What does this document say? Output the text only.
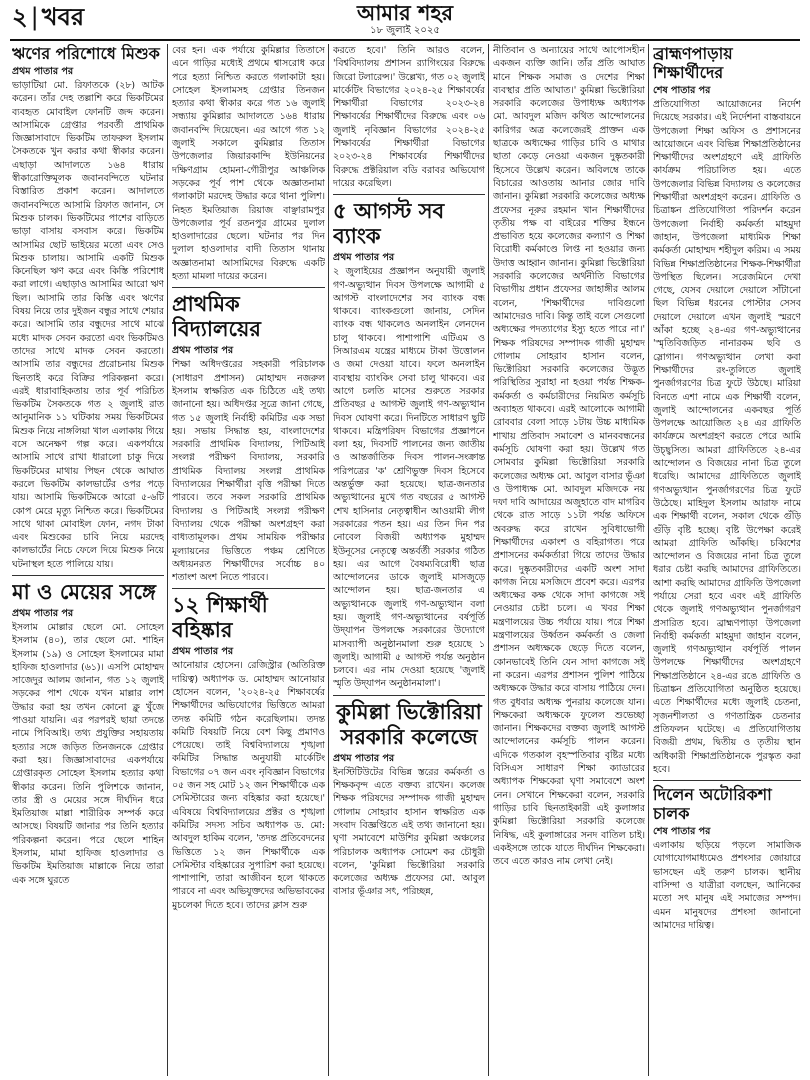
২ | খবর	আমার শহর
১৮ জুলাই ২০২৫
ঋণের পরিশোধে মিশুক
প্রথম পাতার পর

ভাড়াটিয়া মো. রিফাতকে (২৮) আটক করেন। তাঁর দেহ তল্লাশি করে ভিকটিমের ব্যবহৃত মোবাইল ফোনটি জব্দ করেন। আসামিকে গ্রেপ্তার পরবর্তী প্রাথমিক জিজ্ঞাসাবাদে ভিকটিম তাফরুল ইসলাম সৈকতকে খুন করার কথা স্বীকার করেন। এছাড়া আদালতে ১৬৪ ধারায় স্বীকারোক্তিমূলক জবানবন্দিতে ঘটনার বিস্তারিত প্রকাশ করেন। আদালতে জবানবন্দিতে আসামি রিফাত জানান, সে মিশুক চালক। ভিকটিমের পাশের বাড়িতে ভাড়া বাসায় বসবাস করে। ভিকটিম আসামির ছোট ভাইয়ের মতো এবং সেও মিশুক চালায়। আসামি একটি মিশুক কিনেছিল ঋণ করে এবং কিস্তি পরিশোধ করা লাগে। এছাড়াও আসামির আরো ঋণ ছিল। আসামি তার কিস্তি এবং ঋণের বিষয় নিয়ে তার দুইজন বন্ধুর সাথে শেয়ার করে। আসামি তার বন্ধুদের সাথে মাঝে মধ্যে মাদক সেবন করতো এবং ভিকটিমও তাদের সাথে মাদক সেবন করতো। আসামি তার বন্ধুদের প্ররোচনায় মিশুক ছিনতাই করে বিক্রির পরিকল্পনা করে। এরই ধারাবাহিকতায় তার পূর্ব পরিচিত ভিকটিম সৈকতকে গত ২ জুলাই রাত আনুমানিক ১১ ঘটিকায় সময় ভিকটিমের মিশুক নিয়ে নাঙ্গলিয়া খাল এলাকায় গিয়ে বসে অনেক্ষণ গল্প করে। একপর্যায়ে আসামি সাথে রাখা ধারালো চাকু দিয়ে ভিকটিমের মাথায় পিছন থেকে আঘাত করলে ভিকটিম কালভার্টের ওপর পড়ে যায়। আসামি ভিকটিমকে আরো ৫-৬টি কোপ মেরে মৃত্যু নিশ্চিত করে। ভিকটিমের সাথে থাকা মোবাইল ফোন, নগদ টাকা এবং মিশুকের চাবি নিয়ে মরদেহ কালভার্টের নিচে ফেলে দিয়ে মিশুক নিয়ে ঘটনাস্থল হতে পালিয়ে যায়।

মা ও মেয়ের সঙ্গে
প্রথম পাতার পর

ইসলাম মোল্লার ছেলে মো. সোহেল ইসলাম (৪০), তার ছেলে মো. শাহিন ইসলাম (১৯) ও সোহেল ইসলামের মামা হাফিজ হাওলাদার (৬১)। এসপি মোহাম্মদ সাজেদুর আলম জানান, গত ১২ জুলাই সড়কের পাশ থেকে যখন মাল্লার লাশ উদ্ধার করা হয় তখন কোনো ক্লু খুঁজে পাওয়া যায়নি। এর পরপরই ছায়া তদন্তে নামে পিবিআই। তথ্য প্রযুক্তির সহায়তায় হত্যার সঙ্গে জড়িত তিনজনকে গ্রেপ্তার করা হয়। জিজ্ঞাসাবাদের একপর্যায়ে গ্রেপ্তারকৃত সোহেল ইসলাম হত্যার কথা স্বীকার করেন। তিনি পুলিশকে জানান, তার স্ত্রী ও মেয়ের সঙ্গে দীর্ঘদিন ধরে ইমতিয়াজ মাল্লা শারীরিক সম্পর্ক করে আসছে। বিষয়টি জানার পর তিনি হত্যার পরিকল্পনা করেন। পরে ছেলে শাহিন ইসলাম, মামা হাফিজ হাওলাদার ও ভিকটিম ইমতিয়াজ মাল্লাকে নিয়ে তারা এক সঙ্গে ঘুরতে

বের হন। এক পর্যায়ে কুমিল্লার তিতাসে এনে গাড়ির মধ্যেই প্রথমে শ্বাসরোধ করে পরে হত্যা নিশ্চিত করতে গলাকাটা হয়। সোহেল ইসলামসহ গ্রেপ্তার তিনজন হত্যার কথা স্বীকার করে গত ১৬ জুলাই সন্ধ্যায় কুমিল্লার আদালতে ১৬৪ ধারায় জবানবন্দি দিয়েছেন। এর আগে গত ১২ জুলাই সকালে কুমিল্লার তিতাস উপজেলার জিয়ারকান্দি ইউনিয়নের দক্ষিণগ্রাম হোমনা-গৌরীপুর আঞ্চলিক সড়কের পূর্ব পাশ থেকে অজ্ঞাতনামা গলাকাটা মরদেহ উদ্ধার করে থানা পুলিশ। নিহত ইমতিয়াজ রিয়াজ বাঞ্ছারামপুর উপজেলার পূর্ব রতনপুর গ্রামের দুলাল হাওলাদারের ছেলে। ঘটনার পর দিন দুলাল হাওলাদার বাদী তিতাস থানায় অজ্ঞাতনামা আসামিদের বিরুদ্ধে একটি হত্যা মামলা দায়ের করেন।

প্রাথমিক বিদ্যালয়ের
প্রথম পাতার পর

শিক্ষা অধিদপ্তরের সহকারী পরিচালক (সাধারণ প্রশাসন) মোহাম্মদ নজরুল ইসলাম স্বাক্ষরিত এক চিঠিতে এই তথ্য জানানো হয়। অধিদপ্তর সূত্রে জানা গেছে, গত ১৫ জুলাই নির্বাহী কমিটির এক সভা হয়। সভায় সিদ্ধান্ত হয়, বাংলাদেশের সরকারি প্রাথমিক বিদ্যালয়, পিটিআই সংলগ্ন পরীক্ষণ বিদ্যালয়, সরকারি প্রাথমিক বিদ্যালয় সংলগ্ন প্রাথমিক বিদ্যালয়ের শিক্ষার্থীরা বৃত্তি পরীক্ষা দিতে পারবে। তবে সকল সরকারি প্রাথমিক বিদ্যালয় ও পিটিআই সংলগ্ন পরীক্ষণ বিদ্যালয় থেকে পরীক্ষা অংশগ্রহণ করা বাধ্যতামূলক। প্রথম সাময়িক পরীক্ষার মূল্যায়নের ভিত্তিতে পঞ্চম শ্রেণিতে অধ্যয়নরত শিক্ষার্থীদের সর্বোচ্চ ৪০ শতাংশ অংশ নিতে পারবে।

১২ শিক্ষার্থী বহিষ্কার
প্রথম পাতার পর

আনোয়ার হোসেন। রেজিস্ট্রার (অতিরিক্ত দায়িত্ব) অধ্যাপক ড. মোহাম্মদ আনোয়ার হোসেন বলেন, '২০২৪-২৫ শিক্ষাবর্ষের শিক্ষার্থীদের অভিযোগের ভিত্তিতে আমরা তদন্ত কমিটি গঠন করেছিলাম। তদন্ত কমিটি বিষয়টি নিয়ে বেশ কিছু প্রমাণও পেয়েছে। তাই বিশ্ববিদ্যালয়ে শৃঙ্খলা কমিটির সিদ্ধান্ত অনুযায়ী মার্কেটিং বিভাগের ০৭ জন এবং নৃবিজ্ঞান বিভাগের ০৫ জন সহ মোট ১২ জন শিক্ষার্থীকে এক সেমিস্টারের জন্য বহিষ্কার করা হয়েছে।' এবিষয়ে বিশ্ববিদ্যালয়ের প্রক্টর ও শৃঙ্খলা কমিটির সদস্য সচিব অধ্যাপক ড. মো: আবদুল হাকিম বলেন, 'তদন্ত প্রতিবেদনের ভিত্তিতে ১২ জন শিক্ষার্থীকে এক সেমিস্টার বহিষ্কারের সুপারিশ করা হয়েছে। পাশাপাশি, তারা আজীবন হলে থাকতে পারবে না এবং অভিযুক্তদের অভিভাবকের মুচলেকা দিতে হবে। তাদের ক্লাস শুরু

করতে হবে।' তিনি আরও বলেন, 'বিশ্ববিদ্যালয় প্রশাসন র‍্যাগিংয়ের বিরুদ্ধে জিরো টলারেন্স।' উল্লেখ্য, গত ০২ জুলাই মার্কেটিং বিভাগের ২০২৪-২৫ শিক্ষাবর্ষের শিক্ষার্থীরা বিভাগের ২০২৩-২৪ শিক্ষাবর্ষের শিক্ষার্থীদের বিরুদ্ধে এবং ০৬ জুলাই নৃবিজ্ঞান বিভাগের ২০২৪-২৫ শিক্ষাবর্ষের শিক্ষার্থীরা বিভাগের ২০২৩-২৪ শিক্ষাবর্ষের শিক্ষার্থীদের বিরুদ্ধে প্রক্টরিয়াল বডি বরাবর অভিযোগ দায়ের করেছিল।

৫ আগস্ট সব ব্যাংক
প্রথম পাতার পর

২ জুলাইয়ের প্রজ্ঞাপন অনুযায়ী জুলাই গণ-অভ্যুত্থান দিবস উপলক্ষে আগামী ৫ আগস্ট বাংলাদেশের সব ব্যাংক বন্ধ থাকবে। ব্যাংকগুলো জানায়, সেদিন ব্যাংক বন্ধ থাকলেও অনলাইন লেনদেন চালু থাকবে। পাশাপাশি এটিএম ও সিআরএম যন্ত্রের মাধ্যমে টাকা উত্তোলন ও জমা দেওয়া যাবে। ফলে অনলাইন ব্যবস্থায় ব্যাংকিং সেবা চালু থাকবে। এর আগে চলতি মাসের শুরুতে সরকার প্রতিবছর ৫ আগস্ট জুলাই গণ-অভ্যুত্থান দিবস ঘোষণা করে। দিনটিতে সাধারণ ছুটি থাকবে। মন্ত্রিপরিষদ বিভাগের প্রজ্ঞাপনে বলা হয়, দিবসটি পালনের জন্য জাতীয় ও আন্তর্জাতিক দিবস পালন-সংক্রান্ত পরিপত্রের 'ক' শ্রেণিভুক্ত দিবস হিসেবে অন্তর্ভুক্ত করা হয়েছে। ছাত্র-জনতার অভ্যুত্থানের মুখে গত বছরের ৫ আগস্ট শেখ হাসিনার নেতৃত্বাধীন আওয়ামী লীগ সরকারের পতন হয়। এর তিন দিন পর নোবেল বিজয়ী অধ্যাপক মুহাম্মদ ইউনূসের নেতৃত্বে অন্তর্বর্তী সরকার গঠিত হয়। এর আগে বৈষম্যবিরোধী ছাত্র আন্দোলনের ডাকে জুলাই মাসজুড়ে আন্দোলন হয়। ছাত্র-জনতার এ অভ্যুত্থানকে জুলাই গণ-অভ্যুত্থান বলা হয়। জুলাই গণ-অভ্যুত্থানের বর্ষপূর্তি উদ্‌যাপন উপলক্ষে সরকারের উদ্যোগে মাসব্যাপী অনুষ্ঠানমালা শুরু হয়েছে ১ জুলাই। আগামী ৫ আগস্ট পর্যন্ত অনুষ্ঠান চলবে। এর নাম দেওয়া হয়েছে 'জুলাই স্মৃতি উদ্‌যাপন অনুষ্ঠানমালা'।

কুমিল্লা ভিক্টোরিয়া সরকারি কলেজে
প্রথম পাতার পর

ইনস্টিটিউটের বিভিন্ন স্তরের কর্মকর্তা ও শিক্ষকবৃন্দ এতে বক্তব্য রাখেন। কলেজ শিক্ষক পরিষদের সম্পাদক গাজী মুহাম্মদ গোলাম সোহরাব হাসান স্বাক্ষরিত এক সংবাদ বিজ্ঞপ্তিতে এই তথ্য জানানো হয়। ঘৃণা সমাবেশে মাউশির কুমিল্লা অঞ্চলের পরিচালক অধ্যাপক সোমেশ কর চৌধুরী বলেন, 'কুমিল্লা ভিক্টোরিয়া সরকারি কলেজের অধ্যক্ষ প্রফেসর মো. আবুল বাসার ভূঁঞার সৎ, পরিচ্ছন্ন,

নীতিবান ও অন্যায়ের সাথে আপোসহীন একজন ব্যক্তি জানি। তাঁর প্রতি আঘাত মানে শিক্ষক সমাজ ও দেশের শিক্ষা ব্যবস্থার প্রতি আঘাত।' কুমিল্লা ভিক্টোরিয়া সরকারি কলেজের উপাধ্যক্ষ অধ্যাপক মো. আবদুল মজিদ কথিত আন্দোলনের কারিগর অত্র কলেজেরই প্রাক্তন এক ছাত্রকে অধ্যক্ষের গাড়ির চাবি ও মাথার ছাতা কেড়ে নেওয়া একজন দুষ্কৃতকারী হিসেবে উল্লেখ করেন। অবিলম্বে তাকে বিচারের আওতায় আনার জোর দাবি জানান। কুমিল্লা সরকারি কলেজের অধ্যক্ষ প্রফেসর নূরুর রহমান খান শিক্ষার্থীদের তৃতীয় পক্ষ বা বাইরের শক্তির ইন্ধনে প্রভাবিত হয়ে কলেজের কল্যাণ ও শিক্ষা বিরোধী কর্মকাণ্ডে লিপ্ত না হওয়ার জন্য উদাত্ত আহ্বান জানান। কুমিল্লা ভিক্টোরিয়া সরকারি কলেজের অর্থনীতি বিভাগের বিভাগীয় প্রধান প্রফেসর জাহাঙ্গীর আলম বলেন, 'শিক্ষার্থীদের দাবিগুলো আমাদেরও দাবি। কিন্তু তাই বলে সেগুলো অধ্যক্ষের পদত্যাগের ইস্যু হতে পারে না।' শিক্ষক পরিষদের সম্পাদক গাজী মুহাম্মদ গোলাম সোহরাব হাসান বলেন, ভিক্টোরিয়া সরকারি কলেজের উদ্ভূত পরিস্থিতির সুরাহা না হওয়া পর্যন্ত শিক্ষক-কর্মকর্তা ও কর্মচারীদের নিয়মিত কর্মসূচি অব্যাহত থাকবে। এরই আলোকে আগামী রোববার বেলা সাড়ে ১টায় উচ্চ মাধ্যমিক শাখায় প্রতিবাদ সমাবেশ ও মানববন্ধনের কর্মসূচি ঘোষণা করা হয়। উল্লেখ গত সোমবার কুমিল্লা ভিক্টোরিয়া সরকারি কলেজের অধ্যক্ষ মো. আবুল বাসার ভূঁঞা ও উপাধ্যক্ষ মো. আবদুল মজিদকে নয় দফা দাবি আদায়ের অজুহাতে বাদ মাগরিব থেকে রাত সাড়ে ১১টা পর্যন্ত অফিসে অবরুদ্ধ করে রাখেন সুবিধাভোগী শিক্ষার্থীদের একাংশ ও বহিরাগত। পরে প্রশাসনের কর্মকর্তারা গিয়ে তাদের উদ্ধার করে। দুষ্কৃতকারীদের একটি অংশ সাদা কাগজ নিয়ে মসজিদে প্রবেশ করে। এরপর অধ্যক্ষের কক্ষ থেকে সাদা কাগজে সই নেওয়ার চেষ্টা চলে। এ খবর শিক্ষা মন্ত্রণালয়ের উচ্চ পর্যায়ে যায়। পরে শিক্ষা মন্ত্রণালয়ের উর্ধ্বতন কর্মকর্তা ও জেলা প্রশাসন অধ্যক্ষকে ছেড়ে দিতে বলেন, কোনভাবেই তিনি যেন সাদা কাগজে সই না করেন। এরপর প্রশাসন পুলিশ পাঠিয়ে অধ্যক্ষকে উদ্ধার করে বাসায় পাঠিয়ে দেন। গত বুধবার অধ্যক্ষ পুনরায় কলেজে যান। শিক্ষকেরা অধ্যক্ষকে ফুলেল শুভেচ্ছা জানান। শিক্ষকদের বক্তব্য জুলাই আগস্ট আন্দোলনের কর্মসূচি পালন করেন। এদিকে গতকাল বৃহস্পতিবার বৃষ্টির মধ্যে বিসিএস সাধারণ শিক্ষা ক্যাডারের অধ্যাপক শিক্ষকেরা ঘৃণা সমাবেশে অংশ নেন। সেখানে শিক্ষকেরা বলেন, সরকারি গাড়ির চাবি ছিনতাইকারী এই কুলাঙ্গার কুমিল্লা ভিক্টোরিয়া সরকারি কলেজে নিষিদ্ধ, এই কুলাঙ্গারের সনদ বাতিল চাই। একইসঙ্গে তাকে যাতে দীর্ঘদিন শিক্ষকেরা। তবে এতে কারও নাম লেখা নেই।

ব্রাহ্মণপাড়ায় শিক্ষার্থীদের
শেষ পাতার পর

প্রতিযোগিতা আয়োজনের নির্দেশ দিয়েছে সরকার। এই নির্দেশনা বাস্তবায়নে উপজেলা শিক্ষা অফিস ও প্রশাসনের আয়োজনে এবং বিভিন্ন শিক্ষাপ্রতিষ্ঠানের শিক্ষার্থীদের অংশগ্রহণে এই গ্রাফিতি কার্যক্রম পরিচালিত হয়। এতে উপজেলার বিভিন্ন বিদ্যালয় ও কলেজের শিক্ষার্থীরা অংশগ্রহণ করেন। গ্রাফিতি ও চিত্রাঙ্কন প্রতিযোগিতা পরিদর্শন করেন উপজেলা নির্বাহী কর্মকর্তা মাহমুদা জাহান, উপজেলা মাধ্যমিক শিক্ষা কর্মকর্তা মোহাম্মদ শহীদুল করিম। এ সময় বিভিন্ন শিক্ষাপ্রতিষ্ঠানের শিক্ষক-শিক্ষার্থীরা উপস্থিত ছিলেন। সরেজমিনে দেখা গেছে, যেসব দেয়ালে দেয়ালে সাঁটানো ছিল বিভিন্ন ধরনের পোস্টার সেসব দেয়ালে দেয়ালে এখন জুলাই স্মরণে আঁকা হচ্ছে ২৪-এর গণ-অভ্যুত্থানের 'স্মৃতিবিজড়িত নানারকম ছবি ও স্লোগান। গণঅভ্যুত্থান লেখা কবা শিক্ষার্থীদের রং-তুলিতে জুলাই পুনর্জাগরণের চিত্র ফুটে উঠছে। মারিয়া বিনতে এশা নামে এক শিক্ষার্থী বলেন, জুলাই আন্দোলনের একবছর পূর্তি উপলক্ষে আয়োজিত ২৪ এর গ্রাফিতি কার্যক্রমে অংশগ্রহণ করতে পেরে আমি উচ্ছ্বসিত। আমরা গ্রাফিতিতে ২৪-এর আন্দোলন ও বিজয়ের নানা চিত্র তুলে ধরেছি। আমাদের গ্রাফিতিতে জুলাই গণঅভ্যুত্থান পুনর্জাগরণের চিত্র ফুটে উঠেছে। মাহিদুল ইসলাম আরাফ নামে এক শিক্ষার্থী বলেন, সকাল থেকে গুঁড়ি গুঁড়ি বৃষ্টি হচ্ছে। বৃষ্টি উপেক্ষা করেই আমরা গ্রাফিতি আঁকছি। চব্বিশের আন্দোলন ও বিজয়ের নানা চিত্র তুলে ধরার চেষ্টা করছি আমাদের গ্রাফিতিতে। আশা করছি আমাদের গ্রাফিতি উপজেলা পর্যায়ে সেরা হবে এবং এই গ্রাফিতি থেকে জুলাই গণঅভ্যুত্থান পুনর্জাগরণ প্রসারিত হবে। ব্রাহ্মণপাড়া উপজেলা নির্বাহী কর্মকর্তা মাহমুদা জাহান বলেন, জুলাই গণঅভ্যুত্থান বর্ষপূর্তি পালন উপলক্ষে শিক্ষার্থীদের অংশগ্রহণে শিক্ষাপ্রতিষ্ঠানে ২৪-এর রঙে গ্রাফিতি ও চিত্রাঙ্কন প্রতিযোগিতা অনুষ্ঠিত হয়েছে। এতে শিক্ষার্থীদের মধ্যে জুলাই চেতনা, সৃজনশীলতা ও গণতান্ত্রিক চেতনার প্রতিফলন ঘটেছে। এ প্রতিযোগিতায় বিজয়ী প্রথম, দ্বিতীয় ও তৃতীয় স্থান অধিকারী শিক্ষাপ্রতিষ্ঠানকে পুরস্কৃত করা হবে।

দিলেন অটোরিকশা চালক
শেষ পাতার পর

এলাকায় ছড়িয়ে পড়লে সামাজিক যোগাযোগমাধ্যমেও প্রশংসার জোয়ারে ভাসছেন এই তরুণ চালক। স্থানীয় বাসিন্দা ও যাত্রীরা বলছেন, আনিকের মতো সৎ মানুষ এই সমাজের সম্পদ। এমন মানুষদের প্রশংসা জানানো আমাদের দায়িত্ব।
